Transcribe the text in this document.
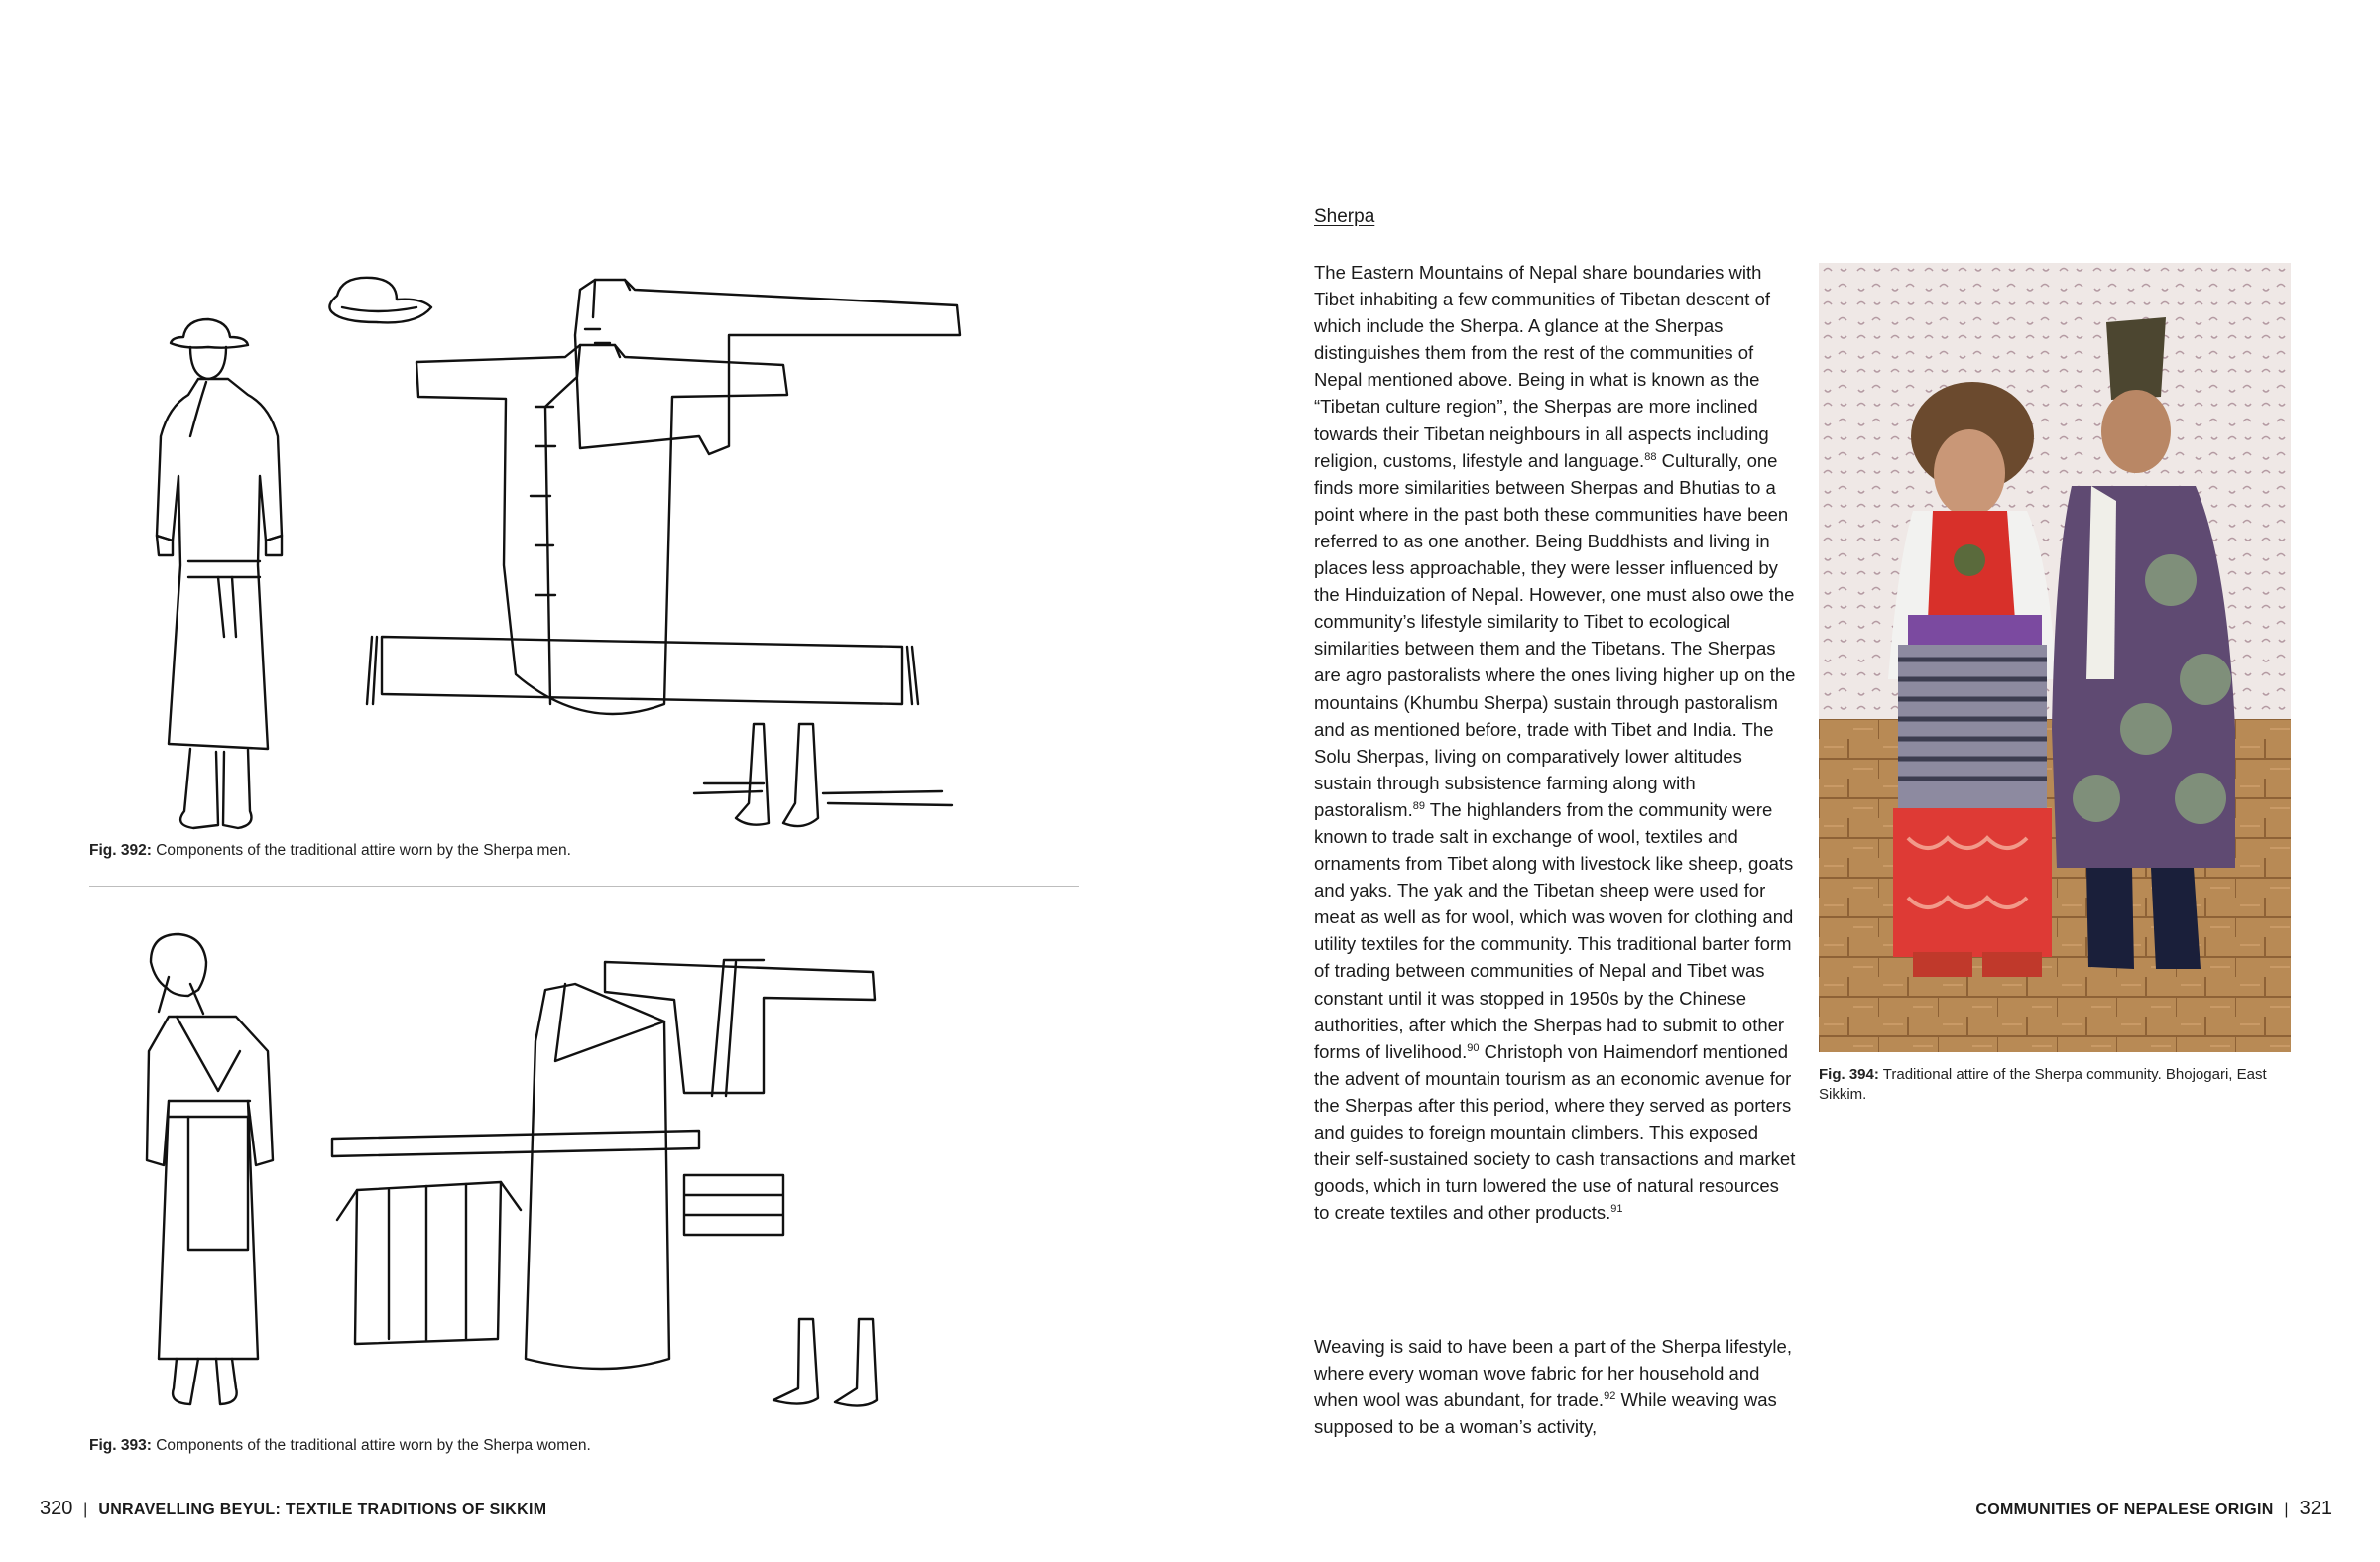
Fig. 392: Components of the traditional attire worn by the Sherpa men.
Fig. 393: Components of the traditional attire worn by the Sherpa women.
320 | UNRAVELLING BEYUL: TEXTILE TRADITIONS OF SIKKIM
Sherpa

The Eastern Mountains of Nepal share boundaries with Tibet inhabiting a few communities of Tibetan descent of which include the Sherpa. A glance at the Sherpas distinguishes them from the rest of the communities of Nepal mentioned above. Being in what is known as the “Tibetan culture region”, the Sherpas are more inclined towards their Tibetan neighbours in all aspects including religion, customs, lifestyle and language.$^{88}$ Culturally, one finds more similarities between Sherpas and Bhutias to a point where in the past both these communities have been referred to as one another. Being Buddhists and living in places less approachable, they were lesser influenced by the Hinduization of Nepal. However, one must also owe the community’s lifestyle similarity to Tibet to ecological similarities between them and the Tibetans. The Sherpas are agro pastoralists where the ones living higher up on the mountains (Khumbu Sherpa) sustain through pastoralism and as mentioned before, trade with Tibet and India. The Solu Sherpas, living on comparatively lower altitudes sustain through subsistence farming along with pastoralism.$^{89}$ The highlanders from the community were known to trade salt in exchange of wool, textiles and ornaments from Tibet along with livestock like sheep, goats and yaks. The yak and the Tibetan sheep were used for meat as well as for wool, which was woven for clothing and utility textiles for the community. This traditional barter form of trading between communities of Nepal and Tibet was constant until it was stopped in 1950s by the Chinese authorities, after which the Sherpas had to submit to other forms of livelihood.$^{90}$ Christoph von Haimendorf mentioned the advent of mountain tourism as an economic avenue for the Sherpas after this period, where they served as porters and guides to foreign mountain climbers. This exposed their self-sustained society to cash transactions and market goods, which in turn lowered the use of natural resources to create textiles and other products.$^{91}$

Weaving is said to have been a part of the Sherpa lifestyle, where every woman wove fabric for her household and when wool was abundant, for trade.$^{92}$ While weaving was supposed to be a woman’s activity,

Fig. 394: Traditional attire of the Sherpa community. Bhojogari, East Sikkim.
COMMUNITIES OF NEPALESE ORIGIN | 321
